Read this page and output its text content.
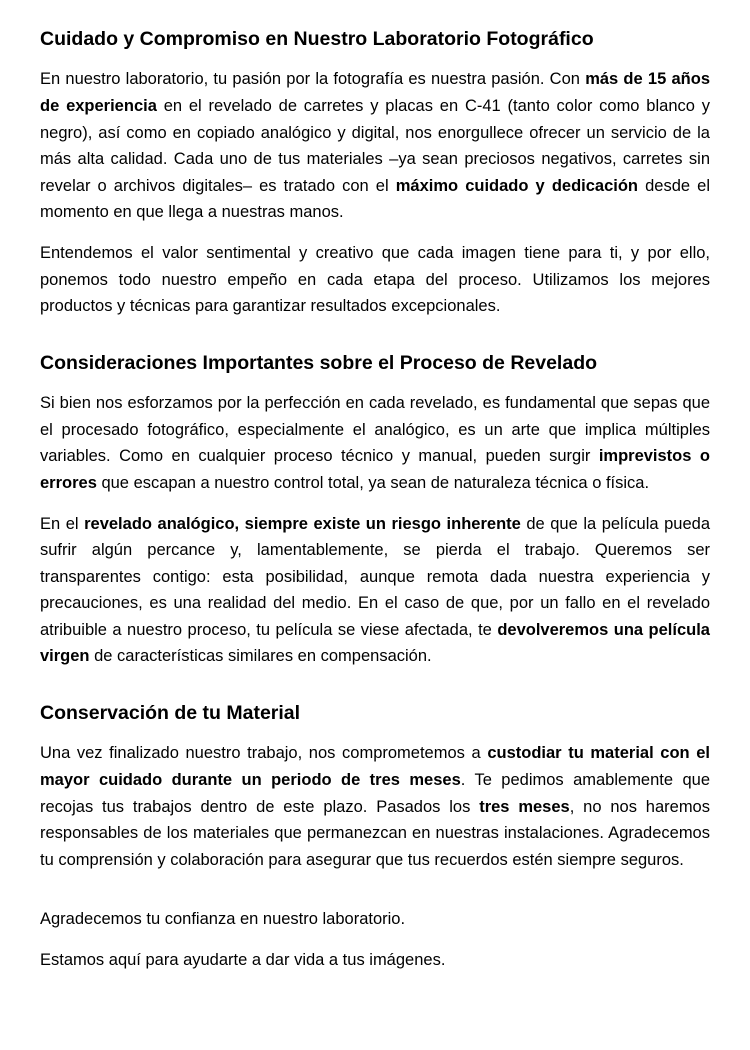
Cuidado y Compromiso en Nuestro Laboratorio Fotográfico

En nuestro laboratorio, tu pasión por la fotografía es nuestra pasión. Con más de 15 años de experiencia en el revelado de carretes y placas en C-41 (tanto color como blanco y negro), así como en copiado analógico y digital, nos enorgullece ofrecer un servicio de la más alta calidad. Cada uno de tus materiales –ya sean preciosos negativos, carretes sin revelar o archivos digitales– es tratado con el máximo cuidado y dedicación desde el momento en que llega a nuestras manos.

Entendemos el valor sentimental y creativo que cada imagen tiene para ti, y por ello, ponemos todo nuestro empeño en cada etapa del proceso. Utilizamos los mejores productos y técnicas para garantizar resultados excepcionales.

Consideraciones Importantes sobre el Proceso de Revelado

Si bien nos esforzamos por la perfección en cada revelado, es fundamental que sepas que el procesado fotográfico, especialmente el analógico, es un arte que implica múltiples variables. Como en cualquier proceso técnico y manual, pueden surgir imprevistos o errores que escapan a nuestro control total, ya sean de naturaleza técnica o física.

En el revelado analógico, siempre existe un riesgo inherente de que la película pueda sufrir algún percance y, lamentablemente, se pierda el trabajo. Queremos ser transparentes contigo: esta posibilidad, aunque remota dada nuestra experiencia y precauciones, es una realidad del medio. En el caso de que, por un fallo en el revelado atribuible a nuestro proceso, tu película se viese afectada, te devolveremos una película virgen de características similares en compensación.

Conservación de tu Material

Una vez finalizado nuestro trabajo, nos comprometemos a custodiar tu material con el mayor cuidado durante un periodo de tres meses. Te pedimos amablemente que recojas tus trabajos dentro de este plazo. Pasados los tres meses, no nos haremos responsables de los materiales que permanezcan en nuestras instalaciones. Agradecemos tu comprensión y colaboración para asegurar que tus recuerdos estén siempre seguros.

Agradecemos tu confianza en nuestro laboratorio.

Estamos aquí para ayudarte a dar vida a tus imágenes.
